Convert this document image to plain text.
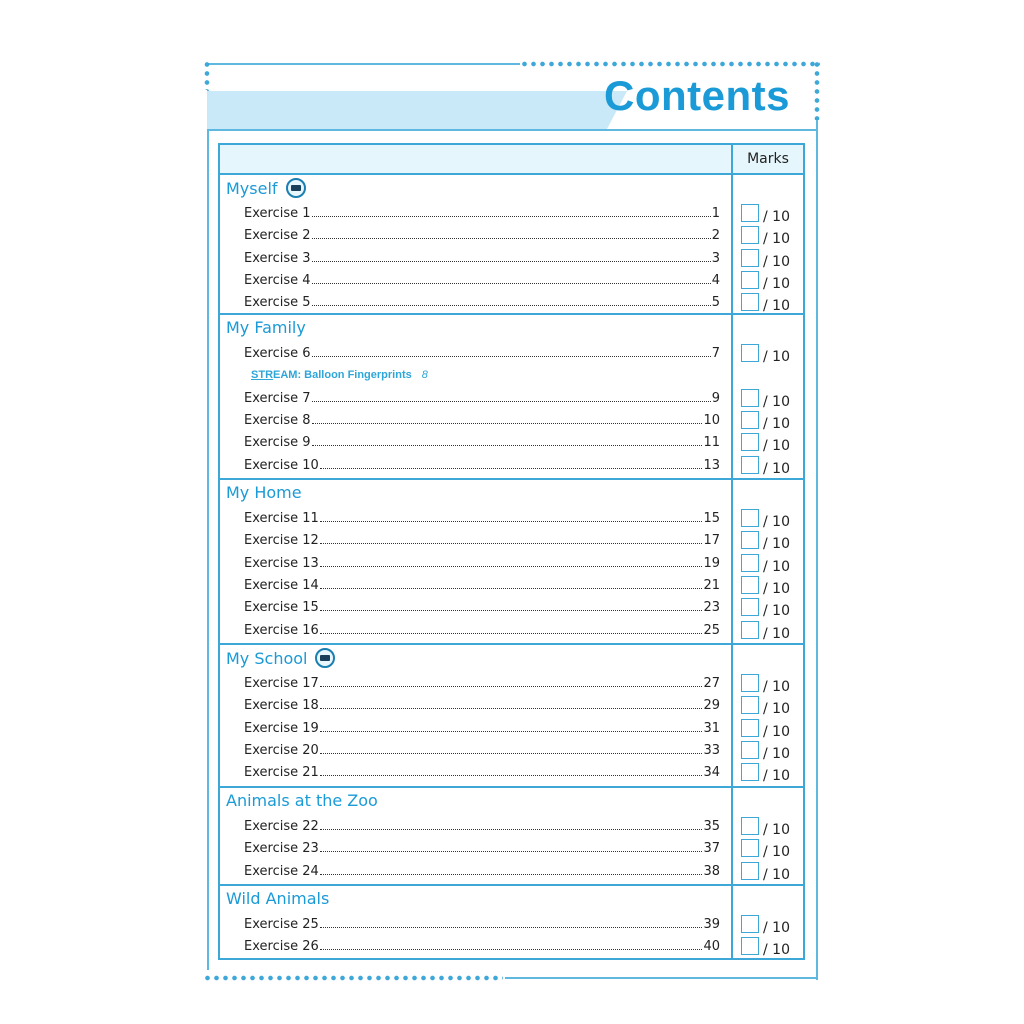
Contents
Marks
Myself
Exercise 1	1	/ 10
Exercise 2	2	/ 10
Exercise 3	3	/ 10
Exercise 4	4	/ 10
Exercise 5	5	/ 10
My Family
Exercise 6	7	/ 10
STREAM: Balloon Fingerprints 8
Exercise 7	9	/ 10
Exercise 8	10	/ 10
Exercise 9	11	/ 10
Exercise 10	13	/ 10
My Home
Exercise 11	15	/ 10
Exercise 12	17	/ 10
Exercise 13	19	/ 10
Exercise 14	21	/ 10
Exercise 15	23	/ 10
Exercise 16	25	/ 10
My School
Exercise 17	27	/ 10
Exercise 18	29	/ 10
Exercise 19	31	/ 10
Exercise 20	33	/ 10
Exercise 21	34	/ 10
Animals at the Zoo
Exercise 22	35	/ 10
Exercise 23	37	/ 10
Exercise 24	38	/ 10
Wild Animals
Exercise 25	39	/ 10
Exercise 26	40	/ 10
